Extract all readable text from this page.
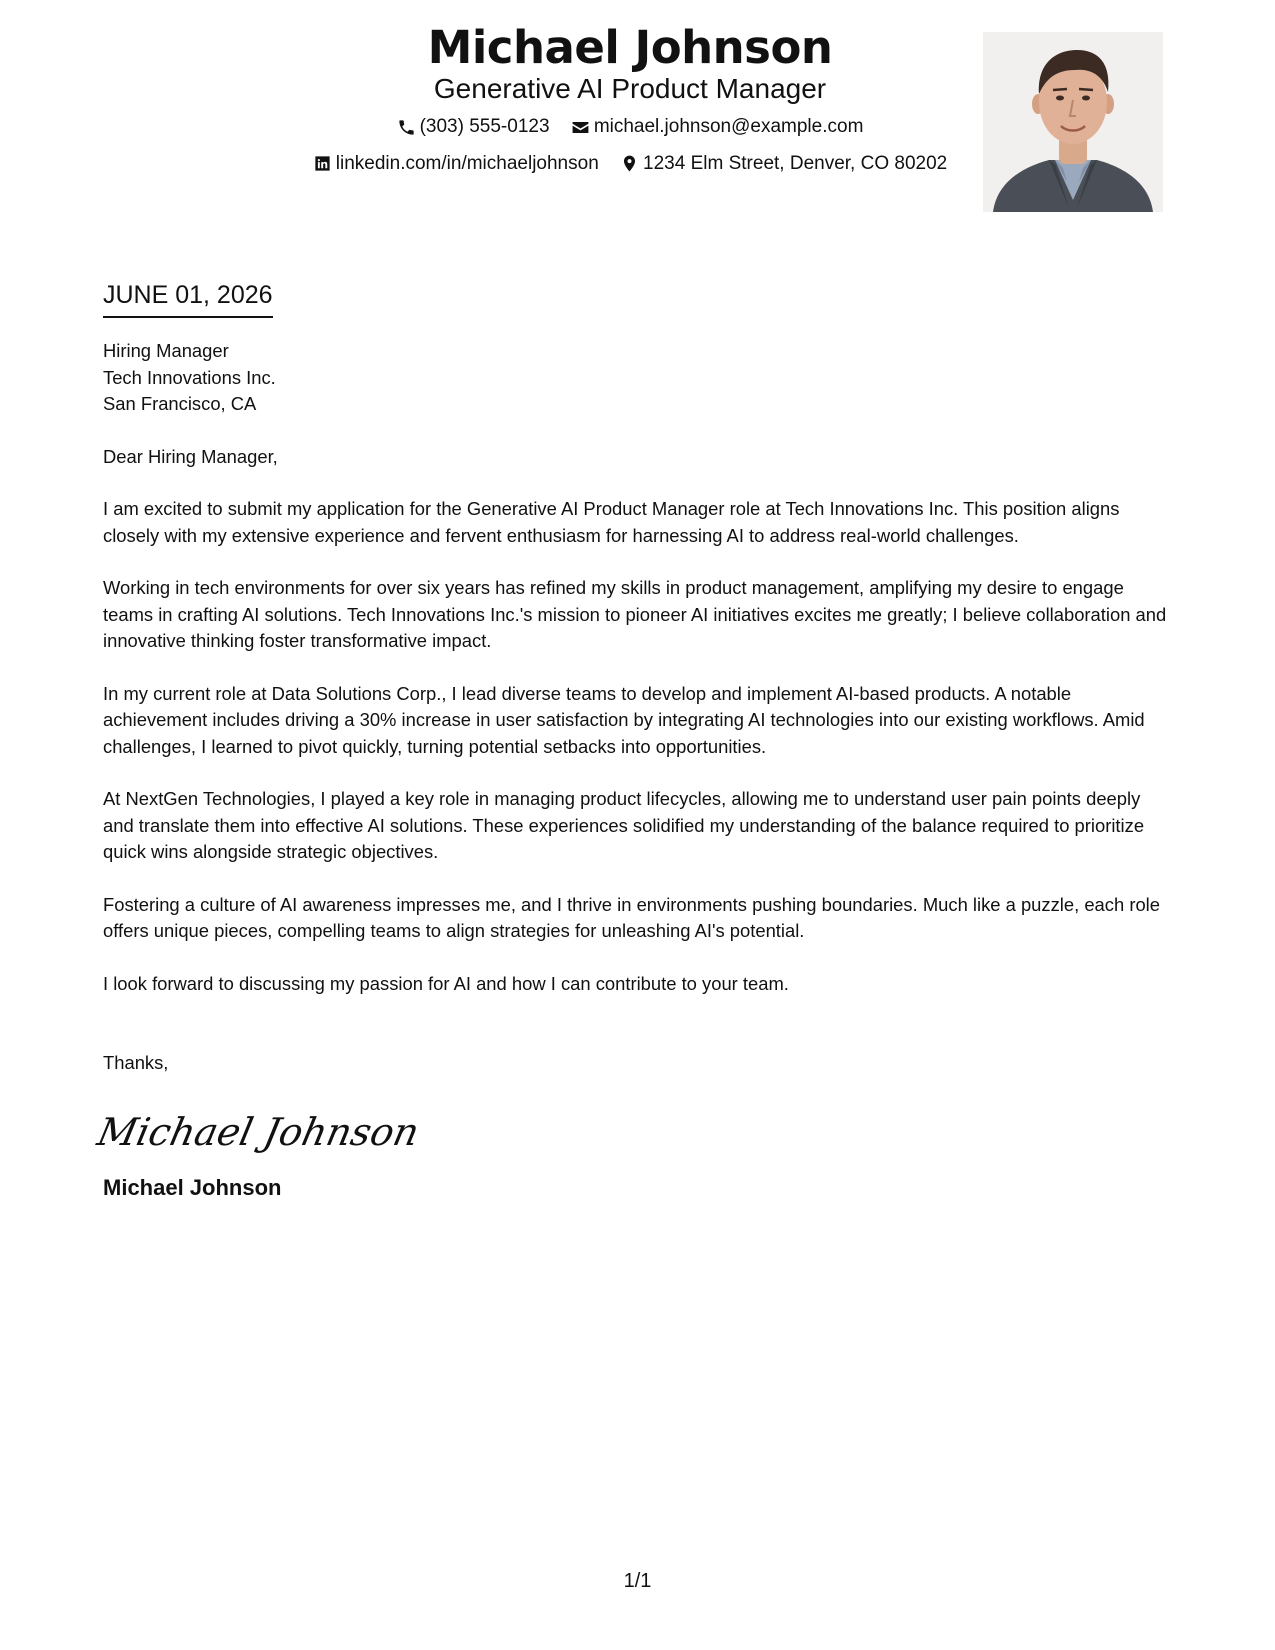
Michael Johnson
Generative AI Product Manager
(303) 555-0123
michael.johnson@example.com
linkedin.com/in/michaeljohnson
1234 Elm Street, Denver, CO 80202
JUNE 01, 2026
Hiring Manager
Tech Innovations Inc.
San Francisco, CA
Dear Hiring Manager,

I am excited to submit my application for the Generative AI Product Manager role at Tech Innovations Inc. This position aligns closely with my extensive experience and fervent enthusiasm for harnessing AI to address real-world challenges.

Working in tech environments for over six years has refined my skills in product management, amplifying my desire to engage teams in crafting AI solutions. Tech Innovations Inc.'s mission to pioneer AI initiatives excites me greatly; I believe collaboration and innovative thinking foster transformative impact.

In my current role at Data Solutions Corp., I lead diverse teams to develop and implement AI-based products. A notable achievement includes driving a 30% increase in user satisfaction by integrating AI technologies into our existing workflows. Amid challenges, I learned to pivot quickly, turning potential setbacks into opportunities.

At NextGen Technologies, I played a key role in managing product lifecycles, allowing me to understand user pain points deeply and translate them into effective AI solutions. These experiences solidified my understanding of the balance required to prioritize quick wins alongside strategic objectives.

Fostering a culture of AI awareness impresses me, and I thrive in environments pushing boundaries. Much like a puzzle, each role offers unique pieces, compelling teams to align strategies for unleashing AI's potential.

I look forward to discussing my passion for AI and how I can contribute to your team.

Thanks,
Michael Johnson
Michael Johnson
1/1
